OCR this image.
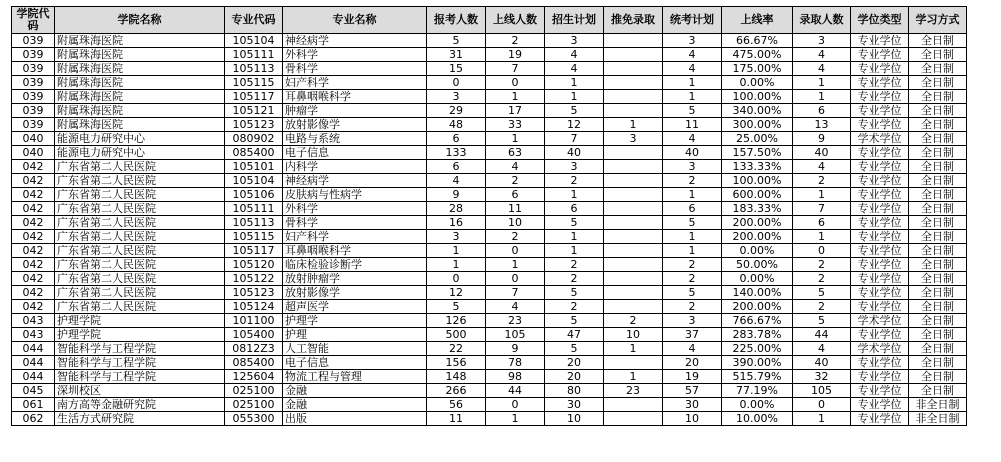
学院代码	学院名称	专业代码	专业名称	报考人数	上线人数	招生计划	推免录取	统考计划	上线率	录取人数	学位类型	学习方式
039	附属珠海医院	105104	神经病学	5	2	3		3	66.67%	3	专业学位	全日制
039	附属珠海医院	105111	外科学	31	19	4		4	475.00%	4	专业学位	全日制
039	附属珠海医院	105113	骨科学	15	7	4		4	175.00%	4	专业学位	全日制
039	附属珠海医院	105115	妇产科学	0	0	1		1	0.00%	1	专业学位	全日制
039	附属珠海医院	105117	耳鼻咽喉科学	3	1	1		1	100.00%	1	专业学位	全日制
039	附属珠海医院	105121	肿瘤学	29	17	5		5	340.00%	6	专业学位	全日制
039	附属珠海医院	105123	放射影像学	48	33	12	1	11	300.00%	13	专业学位	全日制
040	能源电力研究中心	080902	电路与系统	6	1	7	3	4	25.00%	9	学术学位	全日制
040	能源电力研究中心	085400	电子信息	133	63	40		40	157.50%	40	专业学位	全日制
042	广东省第二人民医院	105101	内科学	6	4	3		3	133.33%	4	专业学位	全日制
042	广东省第二人民医院	105104	神经病学	4	2	2		2	100.00%	2	专业学位	全日制
042	广东省第二人民医院	105106	皮肤病与性病学	9	6	1		1	600.00%	1	专业学位	全日制
042	广东省第二人民医院	105111	外科学	28	11	6		6	183.33%	7	专业学位	全日制
042	广东省第二人民医院	105113	骨科学	16	10	5		5	200.00%	6	专业学位	全日制
042	广东省第二人民医院	105115	妇产科学	3	2	1		1	200.00%	1	专业学位	全日制
042	广东省第二人民医院	105117	耳鼻咽喉科学	1	0	1		1	0.00%	0	专业学位	全日制
042	广东省第二人民医院	105120	临床检验诊断学	1	1	2		2	50.00%	2	专业学位	全日制
042	广东省第二人民医院	105122	放射肿瘤学	0	0	2		2	0.00%	2	专业学位	全日制
042	广东省第二人民医院	105123	放射影像学	12	7	5		5	140.00%	5	专业学位	全日制
042	广东省第二人民医院	105124	超声医学	5	4	2		2	200.00%	2	专业学位	全日制
043	护理学院	101100	护理学	126	23	5	2	3	766.67%	5	学术学位	全日制
043	护理学院	105400	护理	500	105	47	10	37	283.78%	44	专业学位	全日制
044	智能科学与工程学院	0812Z3	人工智能	22	9	5	1	4	225.00%	4	学术学位	全日制
044	智能科学与工程学院	085400	电子信息	156	78	20		20	390.00%	40	专业学位	全日制
044	智能科学与工程学院	125604	物流工程与管理	148	98	20	1	19	515.79%	32	专业学位	全日制
045	深圳校区	025100	金融	266	44	80	23	57	77.19%	105	专业学位	全日制
061	南方高等金融研究院	025100	金融	56	0	30		30	0.00%	0	专业学位	非全日制
062	生活方式研究院	055300	出版	11	1	10		10	10.00%	1	专业学位	非全日制
